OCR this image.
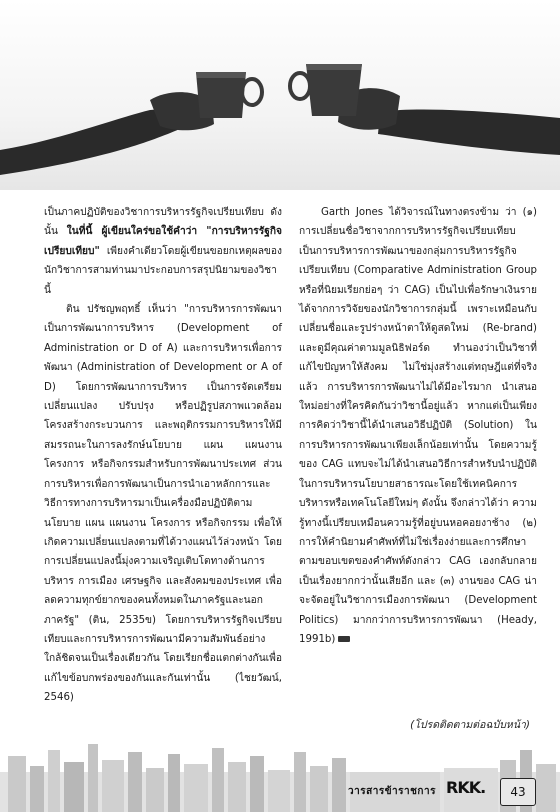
เป็นภาคปฏิบัติของวิชาการบริหารรัฐกิจเปรียบเทียบ ดังนั้น ในที่นี้ ผู้เขียนใคร่ขอใช้คำว่า "การบริหารรัฐกิจเปรียบเทียบ" เพียงคำเดียวโดยผู้เขียนขอยกเหตุผลของนักวิชาการสามท่านมาประกอบการสรุปนิยามของวิชานี้

ติน ปรัชญพฤทธิ์ เห็นว่า "การบริหารการพัฒนาเป็นการพัฒนาการบริหาร (Development of Administration or D of A) และการบริหารเพื่อการพัฒนา (Administration of Development or A of D) โดยการพัฒนาการบริหาร เป็นการจัดเตรียม เปลี่ยนแปลง ปรับปรุง หรือปฏิรูปสภาพแวดล้อม โครงสร้างกระบวนการ และพฤติกรรมการบริหารให้มีสมรรถนะในการลงรักษ์นโยบาย แผน แผนงาน โครงการ หรือกิจกรรมสำหรับการพัฒนาประเทศ ส่วนการบริหารเพื่อการพัฒนาเป็นการนำเอาหลักการและวิธีการทางการบริหารมาเป็นเครื่องมือปฏิบัติตามนโยบาย แผน แผนงาน โครงการ หรือกิจกรรม เพื่อให้เกิดความเปลี่ยนแปลงตามที่ได้วางแผนไว้ล่วงหน้า โดยการเปลี่ยนแปลงนี้มุ่งความเจริญเติบโตทางด้านการบริหาร การเมือง เศรษฐกิจ และสังคมของประเทศ เพื่อลดความทุกข์ยากของคนทั้งหมดในภาครัฐและนอกภาครัฐ" (ติน, 2535ข) โดยการบริหารรัฐกิจเปรียบเทียบและการบริหารการพัฒนามีความสัมพันธ์อย่างใกล้ชิดจนเป็นเรื่องเดียวกัน โดยเรียกชื่อแตกต่างกันเพื่อแก้ไขข้อบกพร่องของกันและกันเท่านั้น (ไชยวัฒน์, 2546)

Garth Jones ได้วิจารณ์ในทางตรงข้าม ว่า (๑) การเปลี่ยนชื่อวิชาจากการบริหารรัฐกิจเปรียบเทียบเป็นการบริหารการพัฒนาของกลุ่มการบริหารรัฐกิจเปรียบเทียบ (Comparative Administration Group หรือที่นิยมเรียกย่อๆ ว่า CAG) เป็นไปเพื่อรักษาเงินรายได้จากการวิจัยของนักวิชาการกลุ่มนี้ เพราะเหมือนกับเปลี่ยนชื่อและรูปร่างหน้าตาให้ดูสดใหม่ (Re-brand) และดูมีคุณค่าตามมูลนิธิฟอร์ด ทำนองว่าเป็นวิชาที่แก้ไขปัญหาให้สังคม ไม่ใช่มุ่งสร้างแต่ทฤษฎีแต่ที่จริงแล้ว การบริหารการพัฒนาไม่ได้มีอะไรมาก นำเสนอใหม่อย่างที่ใครคิดกันว่าวิชานี้อยู่แล้ว หากแต่เป็นเพียงการคิดว่าวิชานี้ได้นำเสนอวิธีปฏิบัติ (Solution) ในการบริหารการพัฒนาเพียงเล็กน้อยเท่านั้น โดยความรู้ของ CAG แทบจะไม่ได้นำเสนอวิธีการสำหรับนำปฏิบัติในการบริหารนโยบายสาธารณะโดยใช้เทคนิคการบริหารหรือเทคโนโลยีใหม่ๆ ดังนั้น จึงกล่าวได้ว่า ความรู้ทางนี้เปรียบเหมือนความรู้ที่อยู่บนหอคอยงาช้าง (๒) การให้คำนิยามคำศัพท์ที่ไม่ใช่เรื่องง่ายและการศึกษาตามขอบเขตของคำศัพท์ดังกล่าว CAG เองกลับกลายเป็นเรื่องยากกว่านั้นเสียอีก และ (๓) งานของ CAG น่าจะจัดอยู่ในวิชาการเมืองการพัฒนา (Development Politics) มากกว่าการบริหารการพัฒนา (Heady, 1991b)

(โปรดติดตามต่อฉบับหน้า)
วารสารข้าราชการ RKK.	43
